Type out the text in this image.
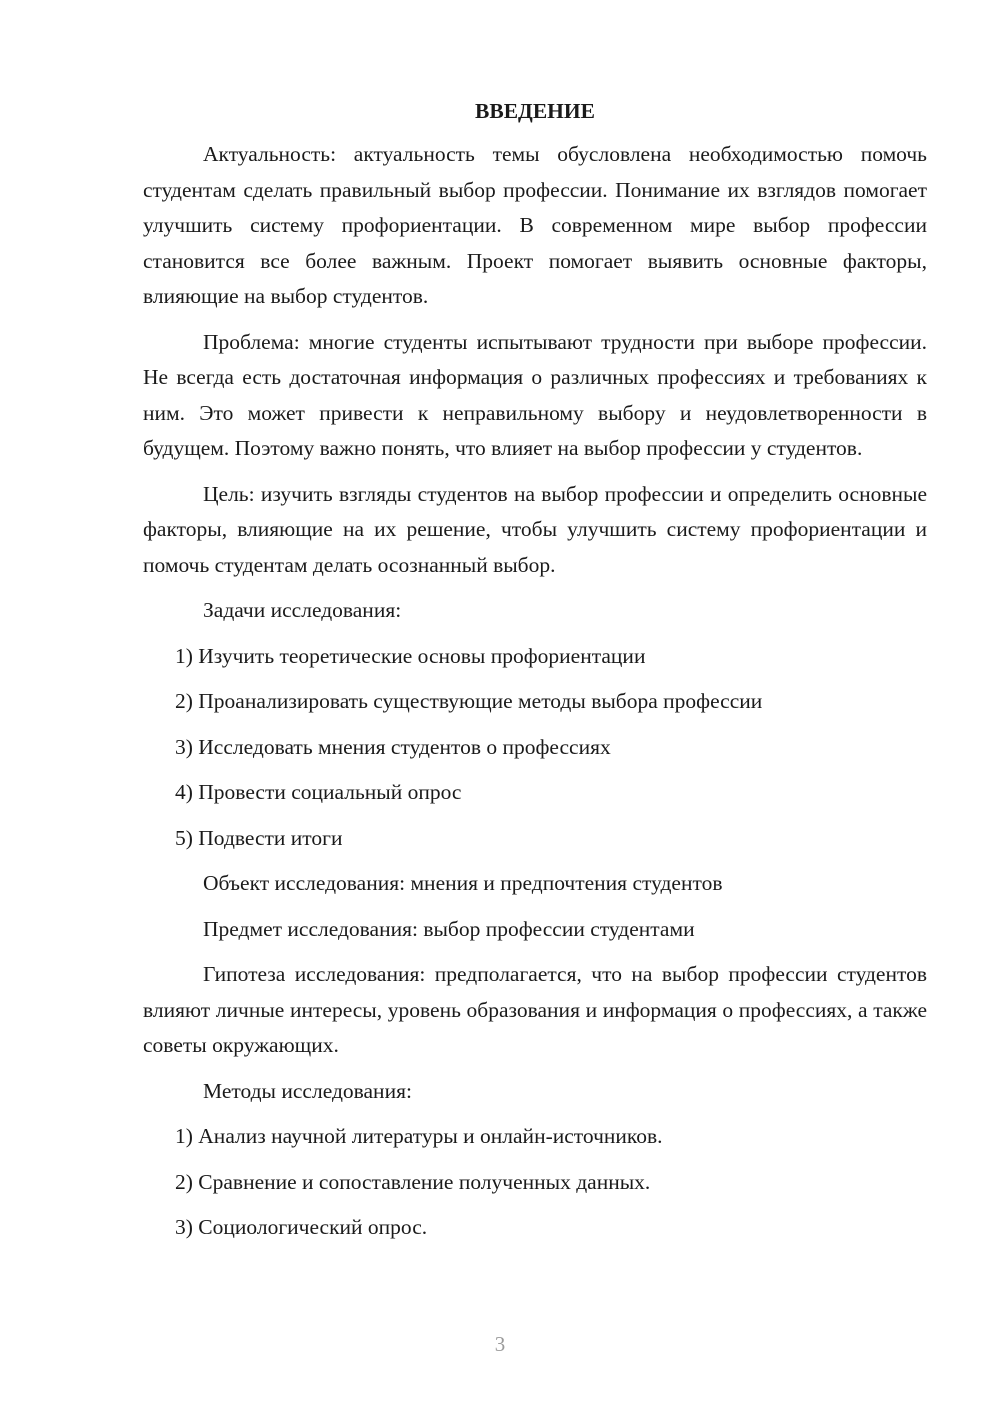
ВВЕДЕНИЕ

Актуальность: актуальность темы обусловлена необходимостью помочь студентам сделать правильный выбор профессии. Понимание их взглядов помогает улучшить систему профориентации. В современном мире выбор профессии становится все более важным. Проект помогает выявить основные факторы, влияющие на выбор студентов.

Проблема: многие студенты испытывают трудности при выборе профессии. Не всегда есть достаточная информация о различных профессиях и требованиях к ним. Это может привести к неправильному выбору и неудовлетворенности в будущем. Поэтому важно понять, что влияет на выбор профессии у студентов.

Цель: изучить взгляды студентов на выбор профессии и определить основные факторы, влияющие на их решение, чтобы улучшить систему профориентации и помочь студентам делать осознанный выбор.

Задачи исследования:

1) Изучить теоретические основы профориентации

2) Проанализировать существующие методы выбора профессии

3) Исследовать мнения студентов о профессиях

4) Провести социальный опрос

5) Подвести итоги

Объект исследования: мнения и предпочтения студентов

Предмет исследования: выбор профессии студентами

Гипотеза исследования: предполагается, что на выбор профессии студентов влияют личные интересы, уровень образования и информация о профессиях, а также советы окружающих.

Методы исследования:

1) Анализ научной литературы и онлайн-источников.

2) Сравнение и сопоставление полученных данных.

3) Социологический опрос.

3
